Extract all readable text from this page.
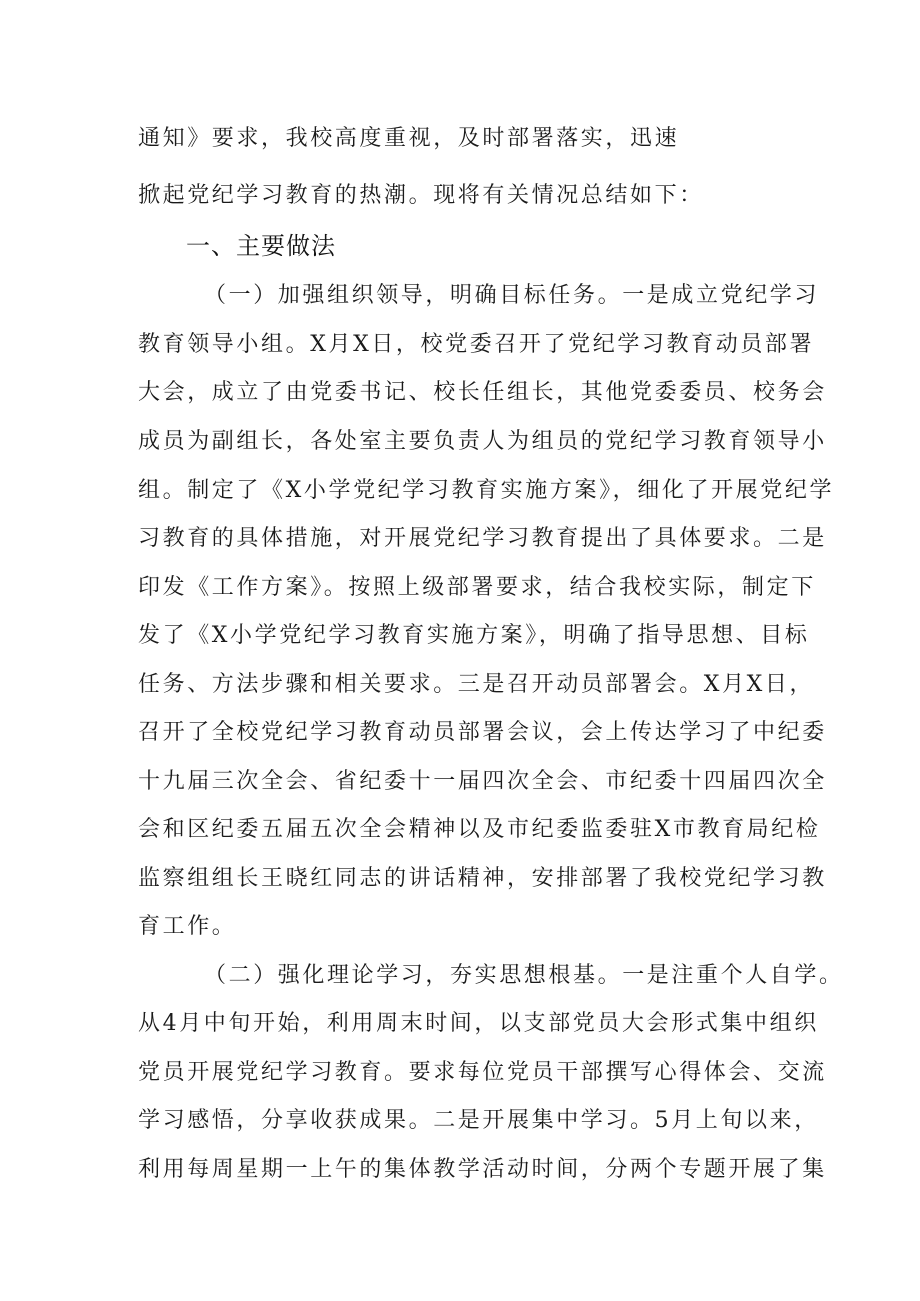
通知》要求，我校高度重视，及时部署落实，迅速
掀起党纪学习教育的热潮。现将有关情况总结如下：
一、主要做法
（一）加强组织领导，明确目标任务。一是成立党纪学习
教育领导小组。X月X日，校党委召开了党纪学习教育动员部署
大会，成立了由党委书记、校长任组长，其他党委委员、校务会
成员为副组长，各处室主要负责人为组员的党纪学习教育领导小
组。制定了《X小学党纪学习教育实施方案》，细化了开展党纪学
习教育的具体措施，对开展党纪学习教育提出了具体要求。二是
印发《工作方案》。按照上级部署要求，结合我校实际，制定下
发了《X小学党纪学习教育实施方案》，明确了指导思想、目标
任务、方法步骤和相关要求。三是召开动员部署会。X月X日，
召开了全校党纪学习教育动员部署会议，会上传达学习了中纪委
十九届三次全会、省纪委十一届四次全会、市纪委十四届四次全
会和区纪委五届五次全会精神以及市纪委监委驻X市教育局纪检
监察组组长王晓红同志的讲话精神，安排部署了我校党纪学习教
育工作。
（二）强化理论学习，夯实思想根基。一是注重个人自学。
从4月中旬开始，利用周末时间，以支部党员大会形式集中组织
党员开展党纪学习教育。要求每位党员干部撰写心得体会、交流
学习感悟，分享收获成果。二是开展集中学习。5月上旬以来，
利用每周星期一上午的集体教学活动时间，分两个专题开展了集
